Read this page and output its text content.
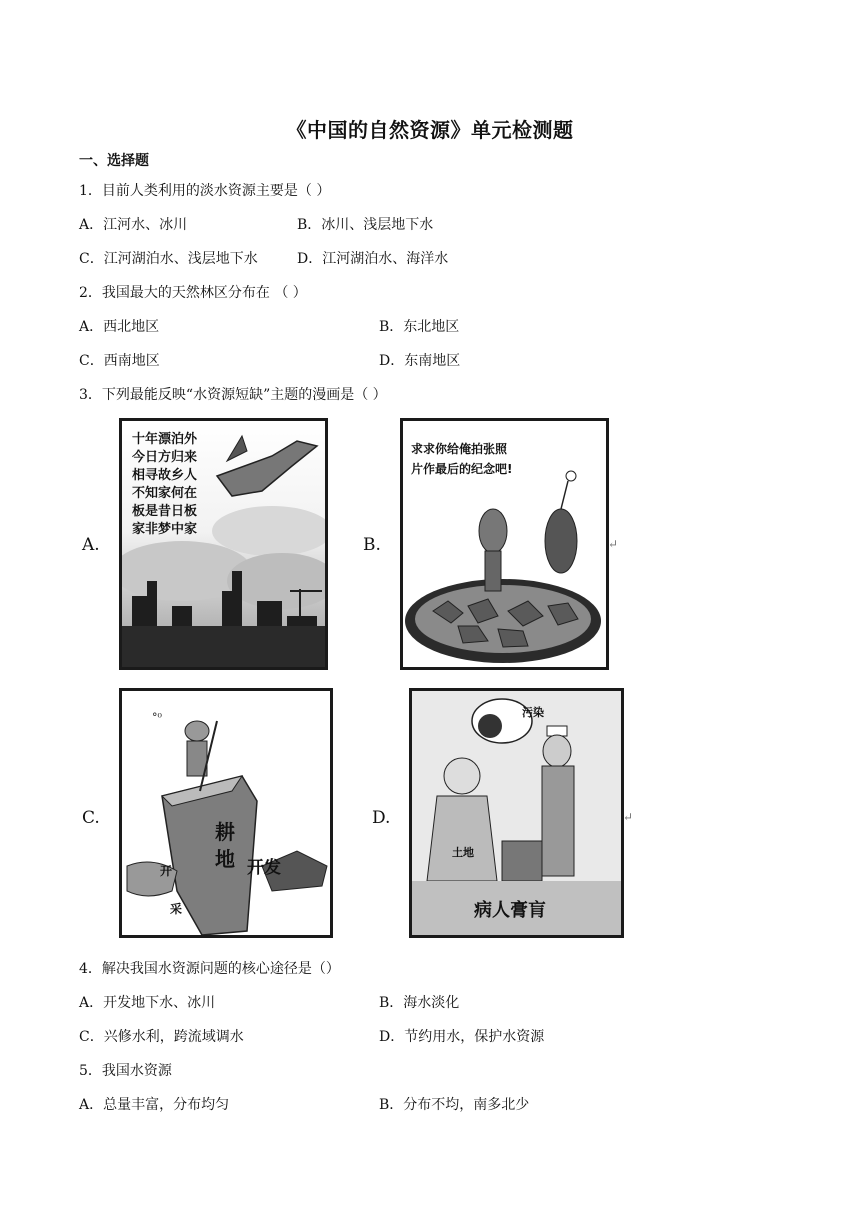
《中国的自然资源》单元检测题
一、选择题
1．目前人类利用的淡水资源主要是（ ）
A．江河水、冰川	B．冰川、浅层地下水
C．江河湖泊水、浅层地下水	D．江河湖泊水、海洋水
2．我国最大的天然林区分布在 （ ）
A．西北地区	B．东北地区
C．西南地区	D．东南地区
3．下列最能反映“水资源短缺”主题的漫画是（ ）
A.
十年漂泊外
今日方归来
相寻故乡人
不知家何在
板是昔日板
家非梦中家
B.
求求你给俺拍张照
片作最后的纪念吧!
↵
C.
°⁰
耕
地 开发
开
采
D.
污染
土地
病人膏肓
↵
4．解决我国水资源问题的核心途径是（）
A．开发地下水、冰川	B．海水淡化
C．兴修水利，跨流域调水	D．节约用水，保护水资源
5．我国水资源
A．总量丰富，分布均匀	B．分布不均，南多北少
